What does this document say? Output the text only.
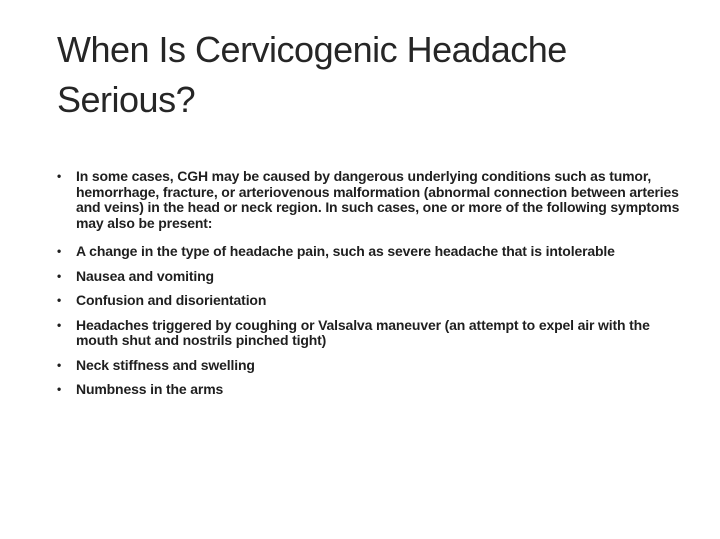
When Is Cervicogenic Headache Serious?
•	In some cases, CGH may be caused by dangerous underlying conditions such as tumor, hemorrhage, fracture, or arteriovenous malformation (abnormal connection between arteries and veins) in the head or neck region. In such cases, one or more of the following symptoms may also be present:
•	A change in the type of headache pain, such as severe headache that is intolerable
•	Nausea and vomiting
•	Confusion and disorientation
•	Headaches triggered by coughing or Valsalva maneuver (an attempt to expel air with the mouth shut and nostrils pinched tight)
•	Neck stiffness and swelling
•	Numbness in the arms
